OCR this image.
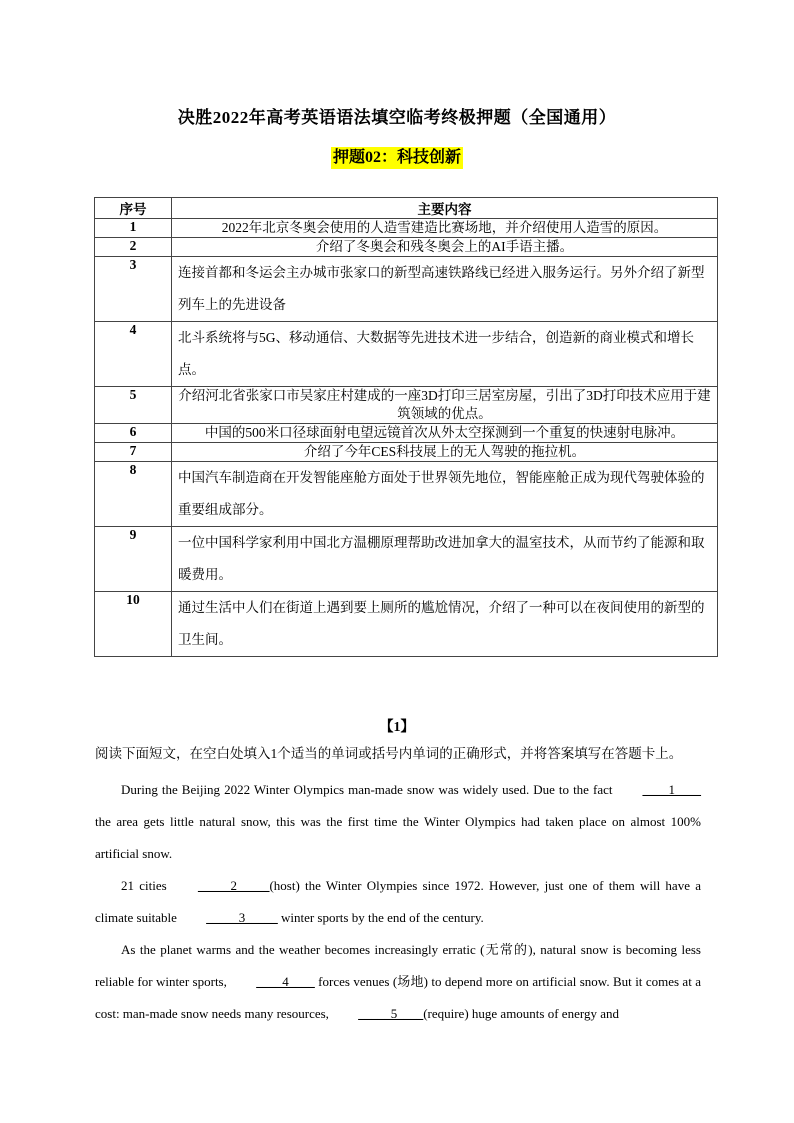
决胜2022年高考英语语法填空临考终极押题（全国通用）
押题02：科技创新
序号	主要内容
1	2022年北京冬奥会使用的人造雪建造比赛场地，并介绍使用人造雪的原因。
2	介绍了冬奥会和残冬奥会上的AI手语主播。
3	连接首都和冬运会主办城市张家口的新型高速铁路线已经进入服务运行。另外介绍了新型列车上的先进设备
4	北斗系统将与5G、移动通信、大数据等先进技术进一步结合，创造新的商业模式和增长点。
5	介绍河北省张家口市吴家庄村建成的一座3D打印三居室房屋，引出了3D打印技术应用于建筑领域的优点。
6	中国的500米口径球面射电望远镜首次从外太空探测到一个重复的快速射电脉冲。
7	介绍了今年CES科技展上的无人驾驶的拖拉机。
8	中国汽车制造商在开发智能座舱方面处于世界领先地位，智能座舱正成为现代驾驶体验的重要组成部分。
9	一位中国科学家利用中国北方温棚原理帮助改进加拿大的温室技术，从而节约了能源和取暖费用。
10	通过生活中人们在街道上遇到要上厕所的尴尬情况，介绍了一种可以在夜间使用的新型的卫生间。
【1】
阅读下面短文，在空白处填入1个适当的单词或括号内单词的正确形式，并将答案填写在答题卡上。

During the Beijing 2022 Winter Olympics man-made snow was widely used. Due to the fact ____1____ the area gets little natural snow, this was the first time the Winter Olympics had taken place on almost 100% artificial snow.

21 cities _____2_____(host) the Winter Olympies since 1972. However, just one of them will have a climate suitable _____3_____ winter sports by the end of the century.

As the planet warms and the weather becomes increasingly erratic (无常的), natural snow is becoming less reliable for winter sports, ____4____ forces venues (场地) to depend more on artificial snow. But it comes at a cost: man-made snow needs many resources, _____5____(require) huge amounts of energy and
